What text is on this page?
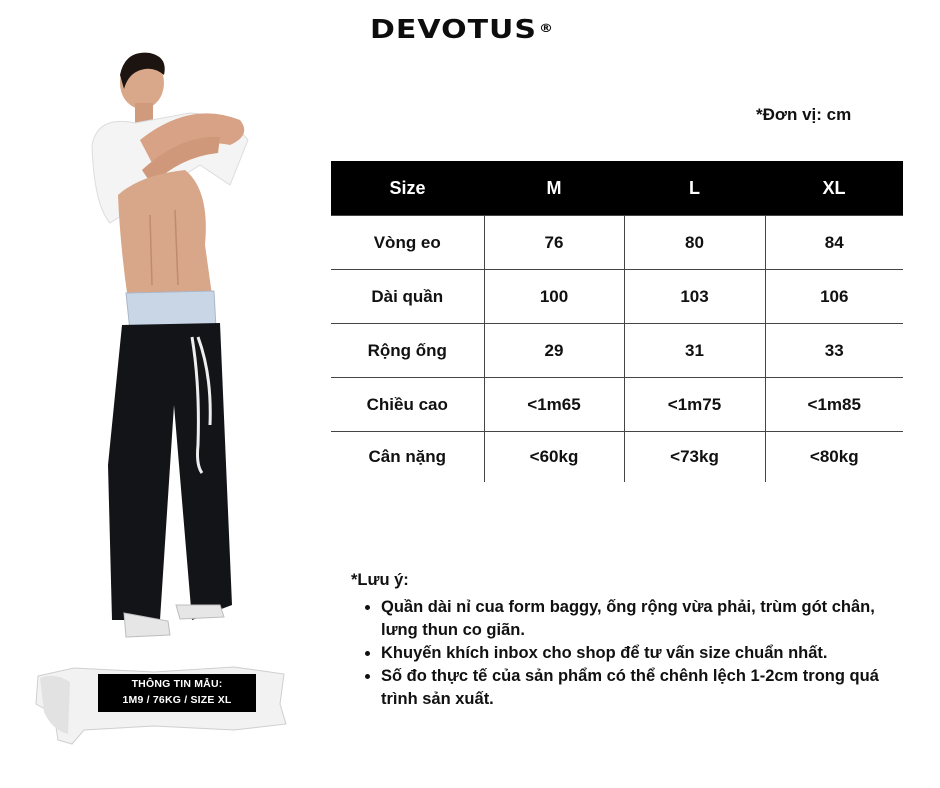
DEVOTUS ®
*Đơn vị: cm
THÔNG TIN MẪU:
1M9 / 76KG / SIZE XL
Size	M	L	XL
Vòng eo	76	80	84
Dài quần	100	103	106
Rộng ống	29	31	33
Chiều cao	<1m65	<1m75	<1m85
Cân nặng	<60kg	<73kg	<80kg
*Lưu ý:
• Quần dài nỉ cua form baggy, ống rộng vừa phải, trùm gót chân, lưng thun co giãn.
• Khuyến khích inbox cho shop để tư vấn size chuẩn nhất.
• Số đo thực tế của sản phẩm có thể chênh lệch 1-2cm trong quá trình sản xuất.
